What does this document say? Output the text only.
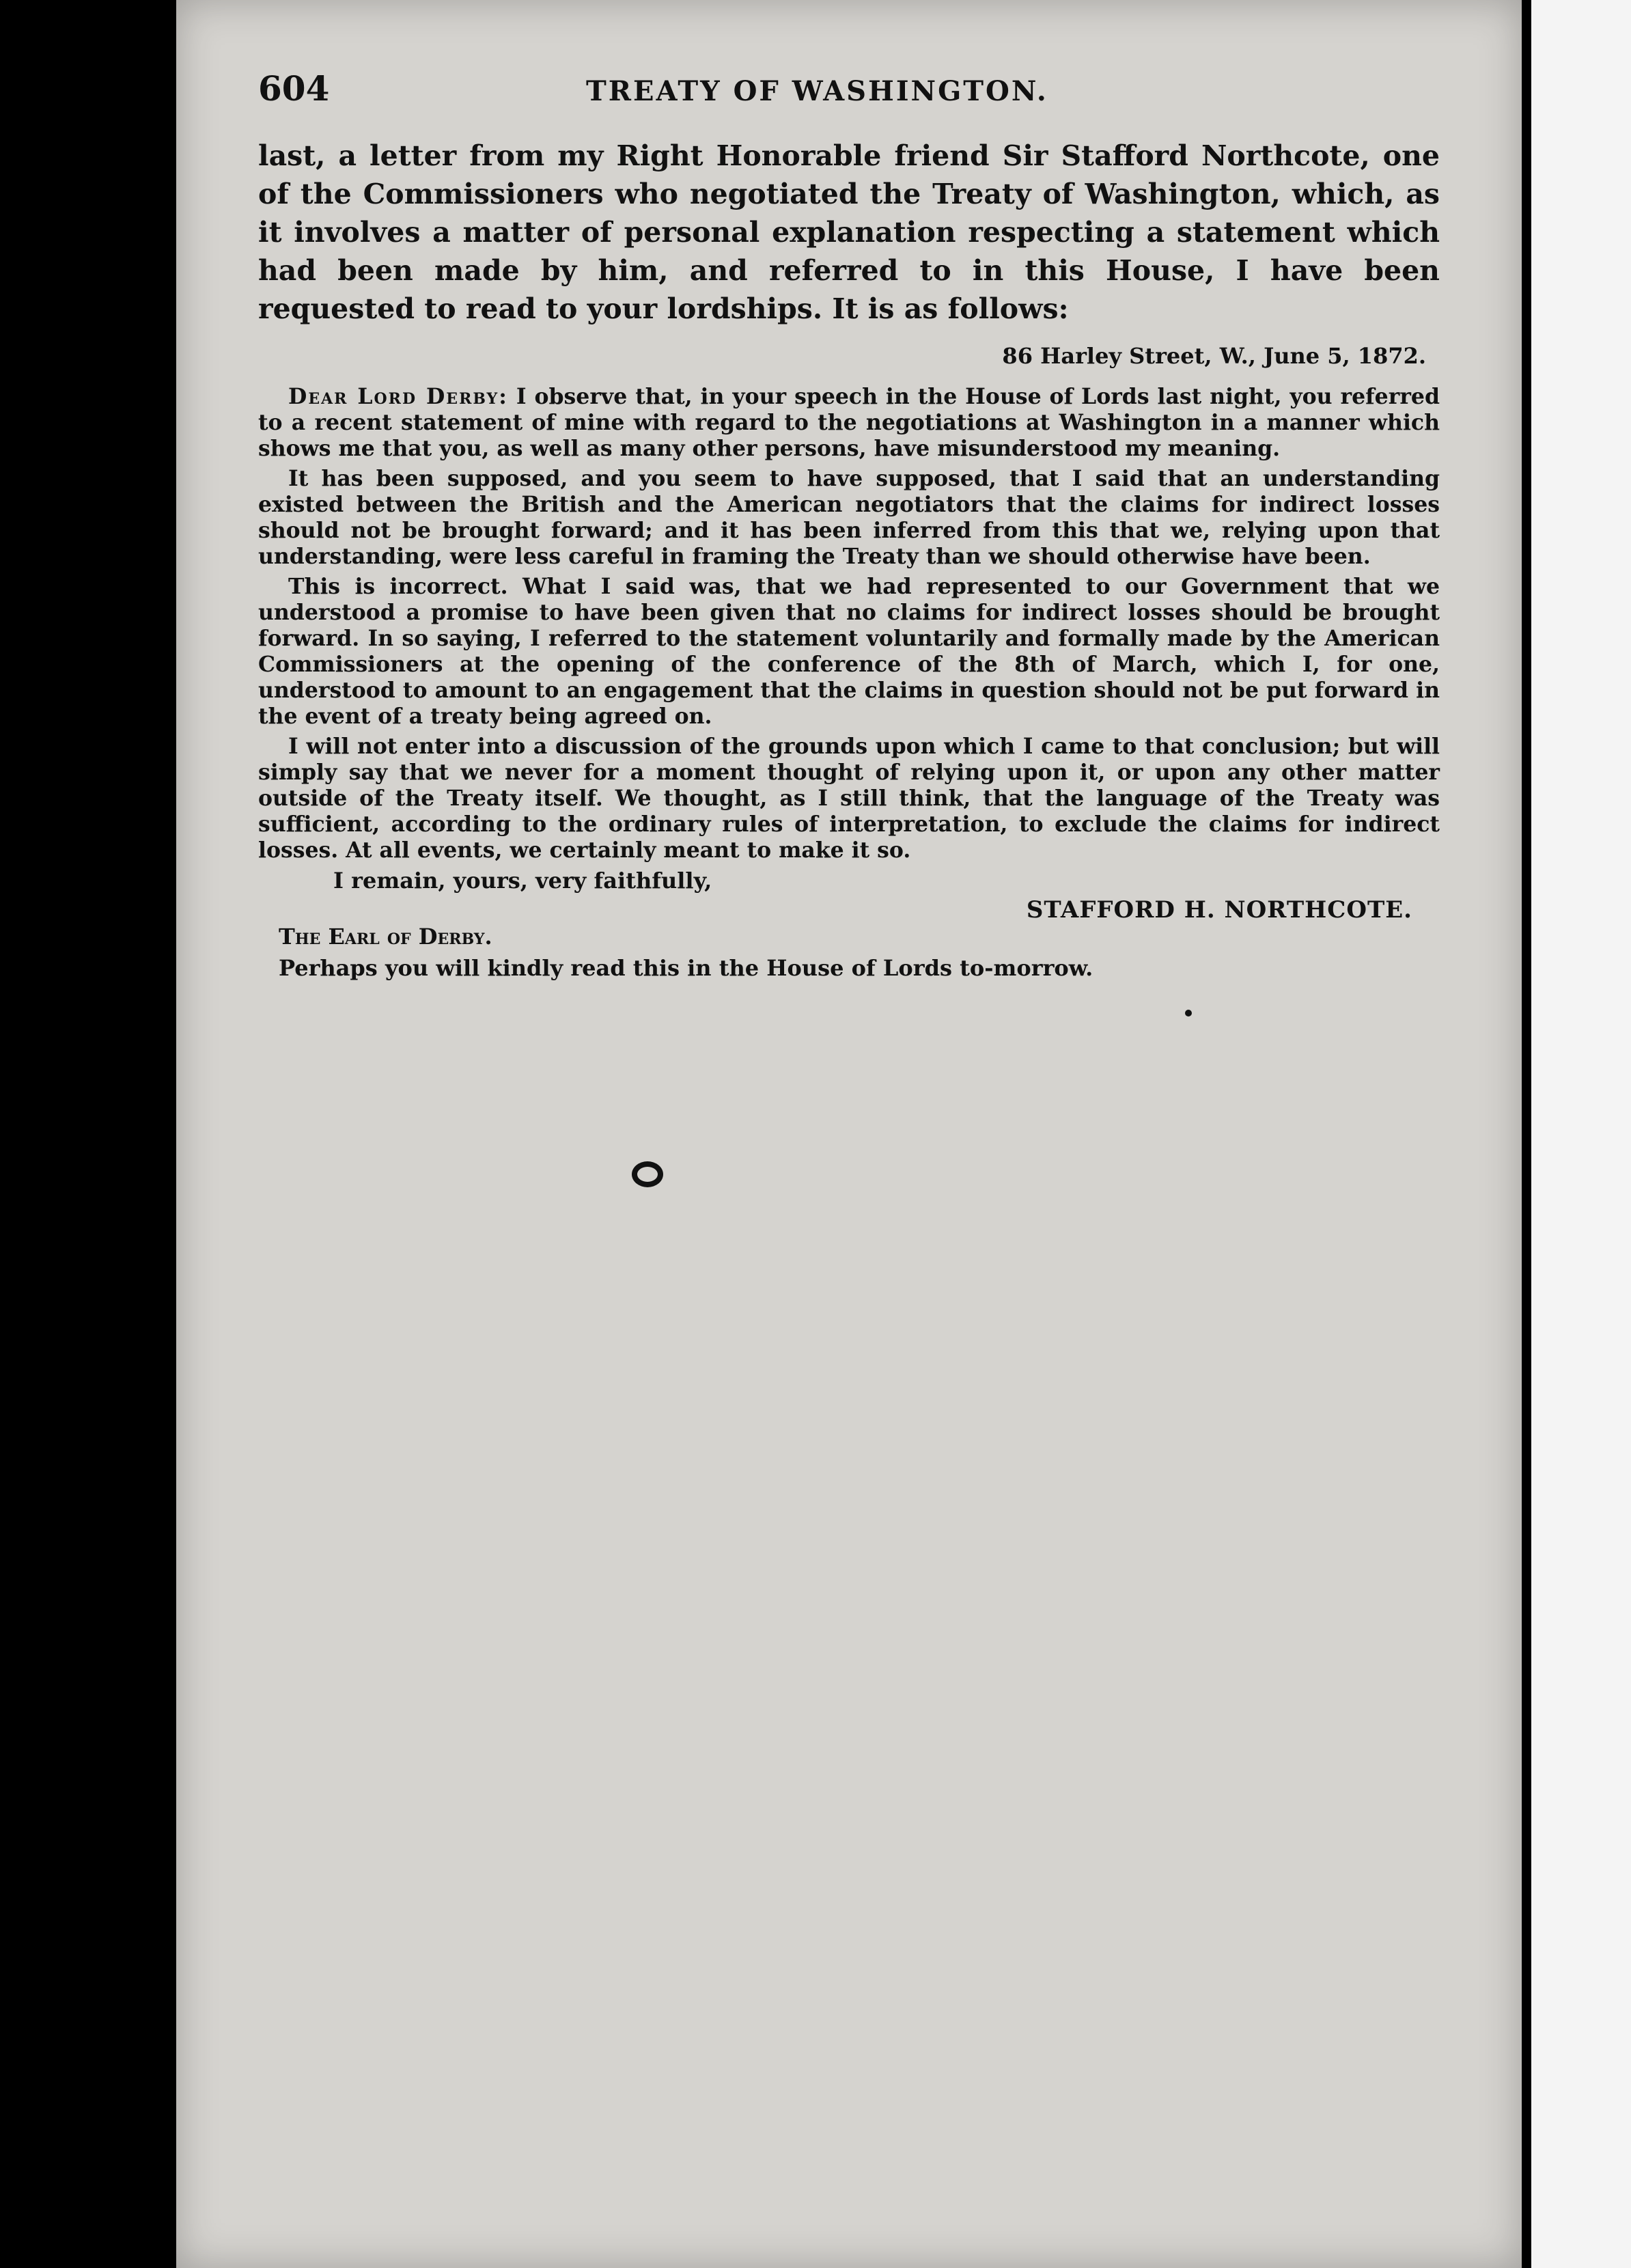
604	TREATY OF WASHINGTON.

last, a letter from my Right Honorable friend Sir Stafford Northcote, one of the Commissioners who negotiated the Treaty of Washington, which, as it involves a matter of personal explanation respecting a statement which had been made by him, and referred to in this House, I have been requested to read to your lordships. It is as follows:

86 Harley Street, W., June 5, 1872.

Dear Lord Derby: I observe that, in your speech in the House of Lords last night, you referred to a recent statement of mine with regard to the negotiations at Washington in a manner which shows me that you, as well as many other persons, have misunderstood my meaning.

It has been supposed, and you seem to have supposed, that I said that an understanding existed between the British and the American negotiators that the claims for indirect losses should not be brought forward; and it has been inferred from this that we, relying upon that understanding, were less careful in framing the Treaty than we should otherwise have been.

This is incorrect. What I said was, that we had represented to our Government that we understood a promise to have been given that no claims for indirect losses should be brought forward. In so saying, I referred to the statement voluntarily and formally made by the American Commissioners at the opening of the conference of the 8th of March, which I, for one, understood to amount to an engagement that the claims in question should not be put forward in the event of a treaty being agreed on.

I will not enter into a discussion of the grounds upon which I came to that conclusion; but will simply say that we never for a moment thought of relying upon it, or upon any other matter outside of the Treaty itself. We thought, as I still think, that the language of the Treaty was sufficient, according to the ordinary rules of interpretation, to exclude the claims for indirect losses. At all events, we certainly meant to make it so.

I remain, yours, very faithfully,
STAFFORD H. NORTHCOTE.
The Earl of Derby.
Perhaps you will kindly read this in the House of Lords to-morrow.
